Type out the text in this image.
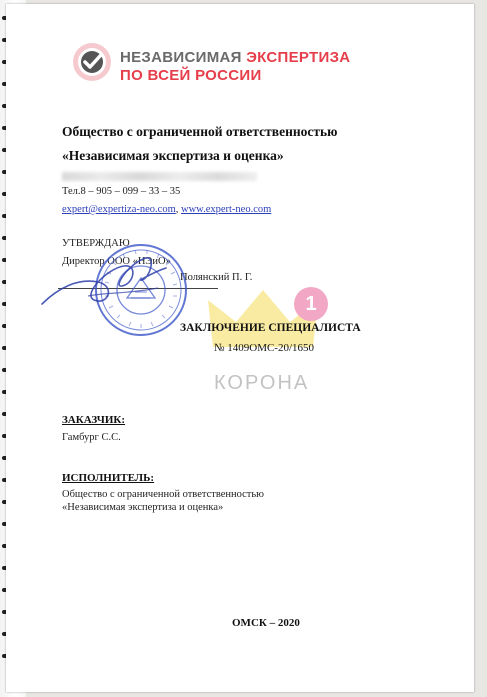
НЕЗАВИСИМАЯ ЭКСПЕРТИЗА
ПО ВСЕЙ РОССИИ
Общество с ограниченной ответственностью
«Независимая экспертиза и оценка»
Тел.8 – 905 – 099 – 33 – 35
expert@expertiza-neo.com, www.expert-neo.com
УТВЕРЖДАЮ
Директор ООО «НЭиО»
Полянский П. Г.
1
КОРОНА
ЗАКЛЮЧЕНИЕ СПЕЦИАЛИСТА
№ 1409ОМС-20/1650
ЗАКАЗЧИК:
Гамбург С.С.
ИСПОЛНИТЕЛЬ:
Общество с ограниченной ответственностью
«Независимая экспертиза и оценка»
ОМСК – 2020
